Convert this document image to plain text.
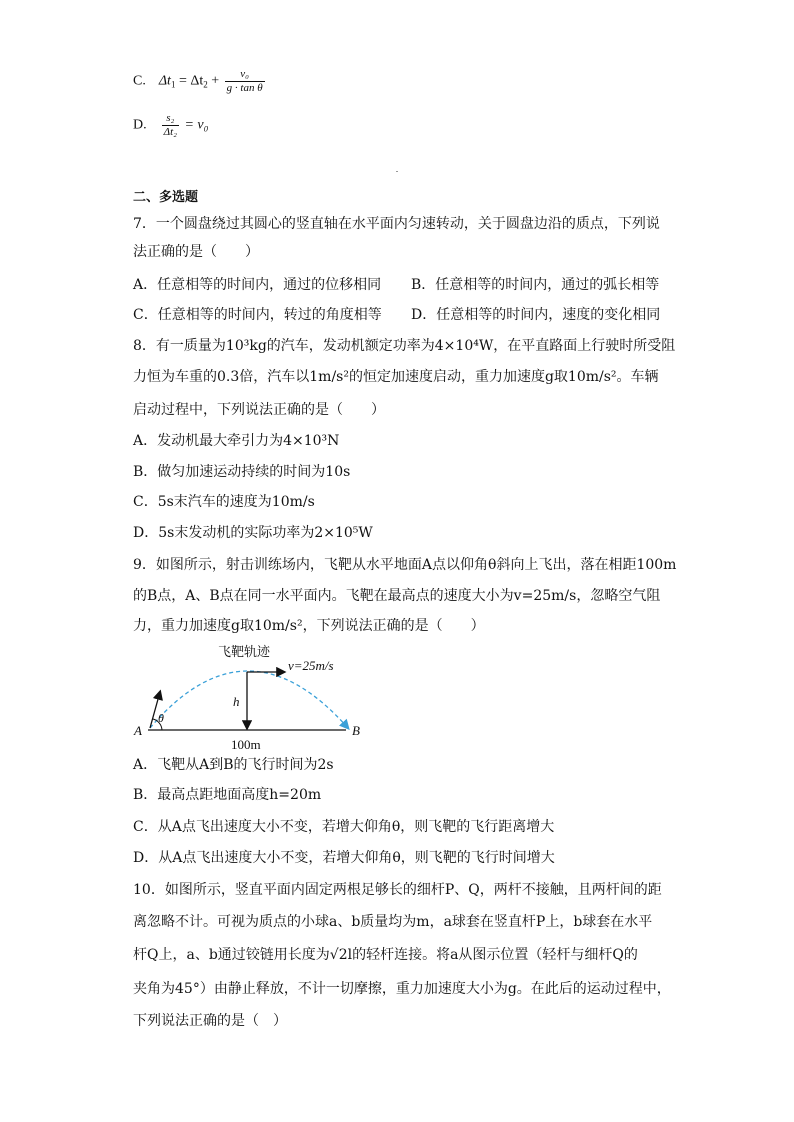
C. $\Delta t_1 = \Delta t_2 + \frac{\text{v₀}}{\text{g · tan θ}}$
D. $\frac{\text{s₂}}{\text{Δt₂}} = v_0$
二、多选题
7．一个圆盘绕过其圆心的竖直轴在水平面内匀速转动，关于圆盘边沿的质点，下列说
法正确的是（　　）
A．任意相等的时间内，通过的位移相同 B．任意相等的时间内，通过的弧长相等
C．任意相等的时间内，转过的角度相等 D．任意相等的时间内，速度的变化相同
8．有一质量为10³kg的汽车，发动机额定功率为4×10⁴W，在平直路面上行驶时所受阻
力恒为车重的0.3倍，汽车以1m/s²的恒定加速度启动，重力加速度g取10m/s²。车辆
启动过程中，下列说法正确的是（　　）
A．发动机最大牵引力为4×10³N
B．做匀加速运动持续的时间为10s
C．5s末汽车的速度为10m/s
D．5s末发动机的实际功率为2×10⁵W
9．如图所示，射击训练场内，飞靶从水平地面A点以仰角θ斜向上飞出，落在相距100m
的B点，A、B点在同一水平面内。飞靶在最高点的速度大小为v=25m/s，忽略空气阻
力，重力加速度g取10m/s²，下列说法正确的是（　　）
飞靶轨迹
v=25m/s
h
θ
A	B
100m
A．飞靶从A到B的飞行时间为2s
B．最高点距地面高度h=20m
C．从A点飞出速度大小不变，若增大仰角θ，则飞靶的飞行距离增大
D．从A点飞出速度大小不变，若增大仰角θ，则飞靶的飞行时间增大
10．如图所示，竖直平面内固定两根足够长的细杆P、Q，两杆不接触，且两杆间的距
离忽略不计。可视为质点的小球a、b质量均为m，a球套在竖直杆P上，b球套在水平
杆Q上，a、b通过铰链用长度为√2l的轻杆连接。将a从图示位置（轻杆与细杆Q的
夹角为45°）由静止释放，不计一切摩擦，重力加速度大小为g。在此后的运动过程中，
下列说法正确的是（　）
